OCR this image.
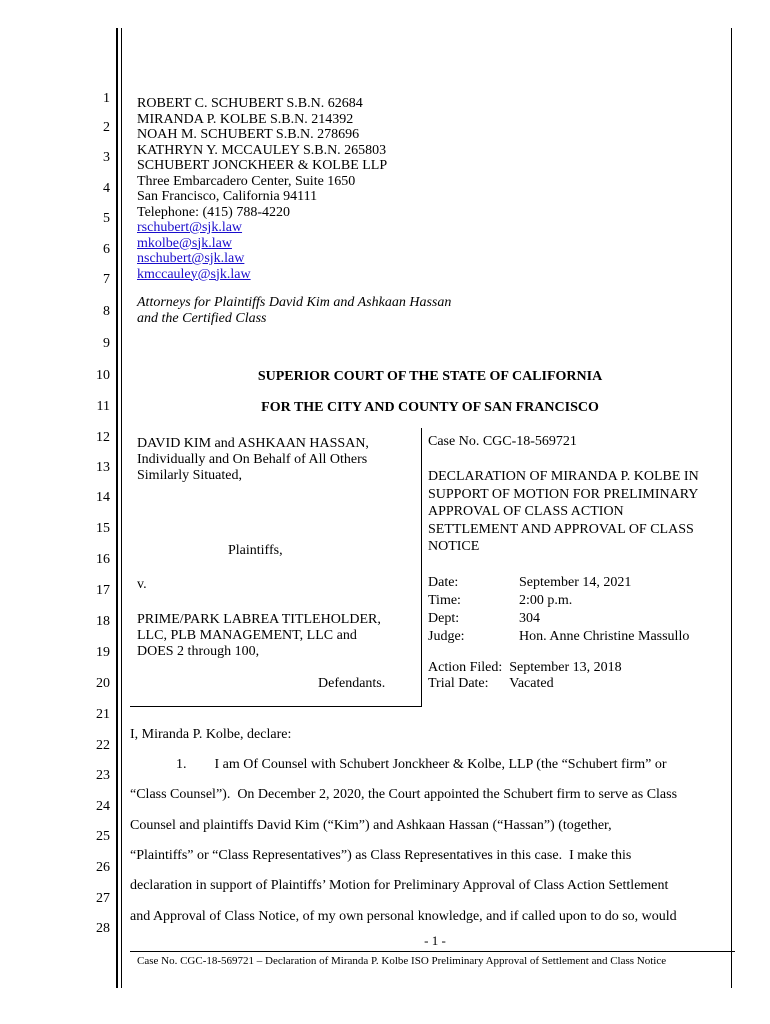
1
2
3
4
5
6
7
8
9
10
11
12
13
14
15
16
17
18
19
20
21
22
23
24
25
26
27
28
ROBERT C. SCHUBERT S.B.N. 62684
MIRANDA P. KOLBE S.B.N. 214392
NOAH M. SCHUBERT S.B.N. 278696
KATHRYN Y. MCCAULEY S.B.N. 265803
SCHUBERT JONCKHEER & KOLBE LLP
Three Embarcadero Center, Suite 1650
San Francisco, California 94111
Telephone: (415) 788-4220
rschubert@sjk.law
mkolbe@sjk.law
nschubert@sjk.law
kmccauley@sjk.law
Attorneys for Plaintiffs David Kim and Ashkaan Hassan
and the Certified Class
SUPERIOR COURT OF THE STATE OF CALIFORNIA
FOR THE CITY AND COUNTY OF SAN FRANCISCO
DAVID KIM and ASHKAAN HASSAN,
Individually and On Behalf of All Others
Similarly Situated,
Plaintiffs,
v.
PRIME/PARK LABREA TITLEHOLDER,
LLC, PLB MANAGEMENT, LLC and
DOES 2 through 100,
Defendants.
Case No. CGC-18-569721
DECLARATION OF MIRANDA P. KOLBE IN
SUPPORT OF MOTION FOR PRELIMINARY
APPROVAL OF CLASS ACTION
SETTLEMENT AND APPROVAL OF CLASS
NOTICE
Date:	September 14, 2021
Time:	2:00 p.m.
Dept:	304
Judge:	Hon. Anne Christine Massullo
Action Filed:  September 13, 2018
Trial Date:      Vacated
I, Miranda P. Kolbe, declare:
1.        I am Of Counsel with Schubert Jonckheer & Kolbe, LLP (the “Schubert firm” or
“Class Counsel”).  On December 2, 2020, the Court appointed the Schubert firm to serve as Class
Counsel and plaintiffs David Kim (“Kim”) and Ashkaan Hassan (“Hassan”) (together,
“Plaintiffs” or “Class Representatives”) as Class Representatives in this case.  I make this
declaration in support of Plaintiffs’ Motion for Preliminary Approval of Class Action Settlement
and Approval of Class Notice, of my own personal knowledge, and if called upon to do so, would
- 1 -
Case No. CGC-18-569721 – Declaration of Miranda P. Kolbe ISO Preliminary Approval of Settlement and Class Notice
